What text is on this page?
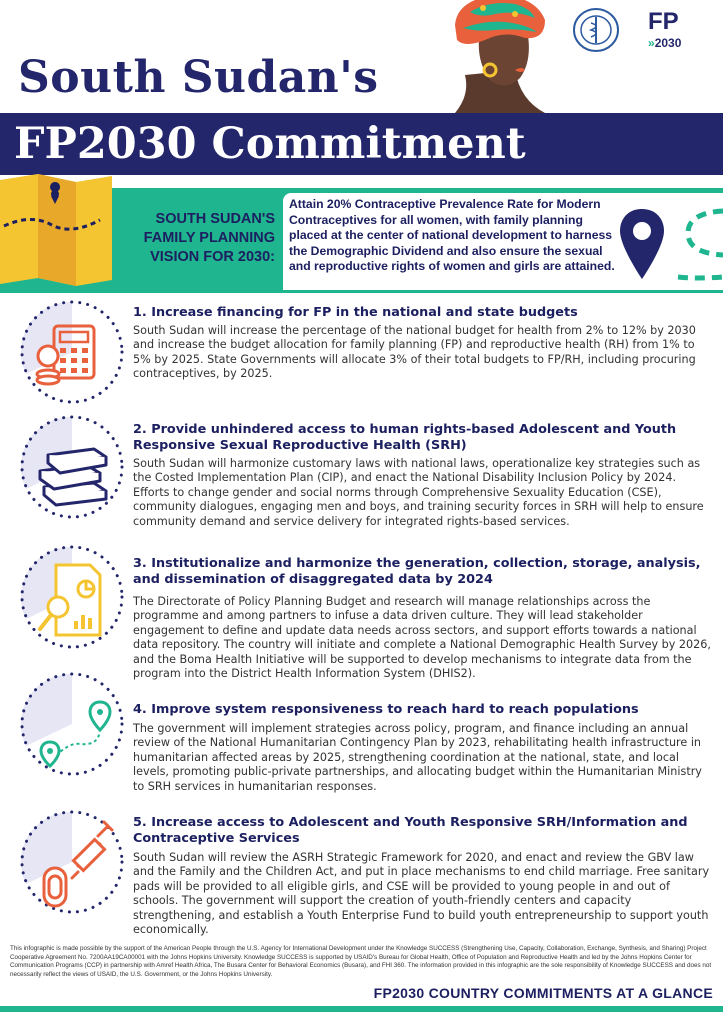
FP
»2030
South Sudan's
FP2030 Commitment
SOUTH SUDAN'S FAMILY PLANNING VISION FOR 2030:
Attain 20% Contraceptive Prevalence Rate for Modern Contraceptives for all women, with family planning placed at the center of national development to harness the Demographic Dividend and also ensure the sexual and reproductive rights of women and girls are attained.
1. Increase financing for FP in the national and state budgets
South Sudan will increase the percentage of the national budget for health from 2% to 12% by 2030 and increase the budget allocation for family planning (FP) and reproductive health (RH) from 1% to 5% by 2025. State Governments will allocate 3% of their total budgets to FP/RH, including procuring contraceptives, by 2025.
2. Provide unhindered access to human rights-based Adolescent and Youth Responsive Sexual Reproductive Health (SRH)
South Sudan will harmonize customary laws with national laws, operationalize key strategies such as the Costed Implementation Plan (CIP), and enact the National Disability Inclusion Policy by 2024. Efforts to change gender and social norms through Comprehensive Sexuality Education (CSE), community dialogues, engaging men and boys, and training security forces in SRH will help to ensure community demand and service delivery for integrated rights-based services.
3. Institutionalize and harmonize the generation, collection, storage, analysis, and dissemination of disaggregated data by 2024
The Directorate of Policy Planning Budget and research will manage relationships across the programme and among partners to infuse a data driven culture. They will lead stakeholder engagement to define and update data needs across sectors, and support efforts towards a national data repository. The country will initiate and complete a National Demographic Health Survey by 2026, and the Boma Health Initiative will be supported to develop mechanisms to integrate data from the program into the District Health Information System (DHIS2).
4. Improve system responsiveness to reach hard to reach populations
The government will implement strategies across policy, program, and finance including an annual review of the National Humanitarian Contingency Plan by 2023, rehabilitating health infrastructure in humanitarian affected areas by 2025, strengthening coordination at the national, state, and local levels, promoting public-private partnerships, and allocating budget within the Humanitarian Ministry to SRH services in humanitarian responses.
5. Increase access to Adolescent and Youth Responsive SRH/Information and Contraceptive Services
South Sudan will review the ASRH Strategic Framework for 2020, and enact and review the GBV law and the Family and the Children Act, and put in place mechanisms to end child marriage. Free sanitary pads will be provided to all eligible girls, and CSE will be provided to young people in and out of schools. The government will support the creation of youth-friendly centers and capacity strengthening, and establish a Youth Enterprise Fund to build youth entrepreneurship to support youth economically.
This infographic is made possible by the support of the American People through the U.S. Agency for International Development under the Knowledge SUCCESS (Strengthening Use, Capacity, Collaboration, Exchange, Synthesis, and Sharing) Project Cooperative Agreement No. 7200AA19CA00001 with the Johns Hopkins University. Knowledge SUCCESS is supported by USAID's Bureau for Global Health, Office of Population and Reproductive Health and led by the Johns Hopkins Center for Communication Programs (CCP) in partnership with Amref Health Africa, The Busara Center for Behavioral Economics (Busara), and FHI 360. The information provided in this infographic are the sole responsibility of Knowledge SUCCESS and does not necessarily reflect the views of USAID, the U.S. Government, or the Johns Hopkins University.
FP2030 COUNTRY COMMITMENTS AT A GLANCE
